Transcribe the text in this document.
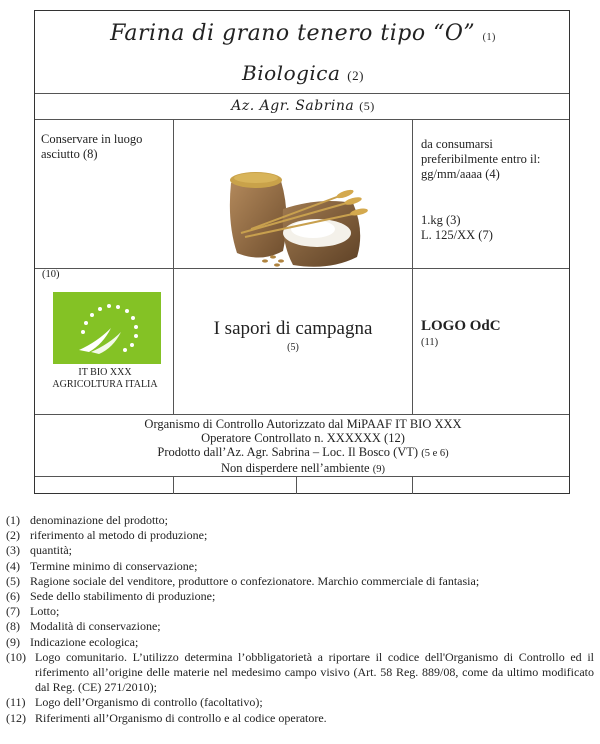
Farina di grano tenero tipo “O” (1)
Biologica (2)
Az. Agr. Sabrina (5)
Conservare in luogo
asciutto (8)
da consumarsi
preferibilmente entro il:
gg/mm/aaaa (4)
1.kg (3)
L. 125/XX (7)
(10)
IT BIO XXX
AGRICOLTURA ITALIA
I sapori di campagna
(5)
LOGO OdC
(11)
Organismo di Controllo Autorizzato dal MiPAAF IT BIO XXX
Operatore Controllato n. XXXXXX (12)
Prodotto dall’Az. Agr. Sabrina – Loc. Il Bosco (VT) (5 e 6)
Non disperdere nell’ambiente (9)
(1) denominazione del prodotto;
(2) riferimento al metodo di produzione;
(3) quantità;
(4) Termine minimo di conservazione;
(5) Ragione sociale del venditore, produttore o confezionatore. Marchio commerciale di fantasia;
(6) Sede dello stabilimento di produzione;
(7) Lotto;
(8) Modalità di conservazione;
(9) Indicazione ecologica;
(10) Logo comunitario. L’utilizzo determina l’obbligatorietà a riportare il codice dell'Organismo di Controllo ed il riferimento all’origine delle materie nel medesimo campo visivo (Art. 58 Reg. 889/08, come da ultimo modificato dal Reg. (CE) 271/2010);
(11) Logo dell’Organismo di controllo (facoltativo);
(12) Riferimenti all’Organismo di controllo e al codice operatore.
